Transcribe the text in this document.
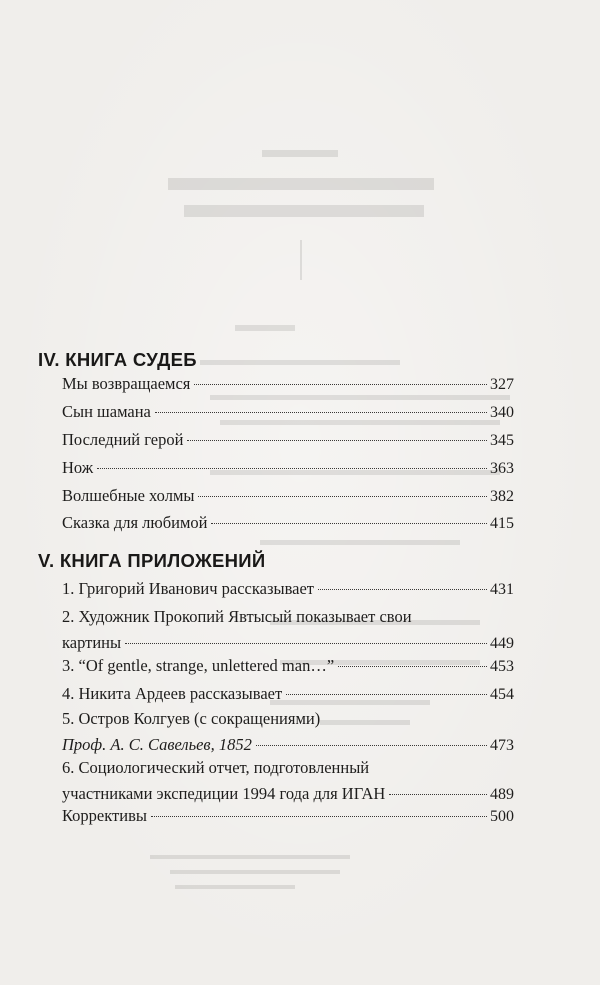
IV. КНИГА СУДЕБ
Мы возвращаемся	327
Сын шамана	340
Последний герой	345
Нож	363
Волшебные холмы	382
Сказка для любимой	415
V. КНИГА ПРИЛОЖЕНИЙ
1. Григорий Иванович рассказывает	431
2. Художник Прокопий Явтысый показывает свои
картины	449
3. “Of gentle, strange, unlettered man…”	453
4. Никита Ардеев рассказывает	454
5. Остров Колгуев (с сокращениями)
Проф. А. С. Савельев, 1852	473
6. Социологический отчет, подготовленный
участниками экспедиции 1994 года для ИГАН	489
Коррективы	500
